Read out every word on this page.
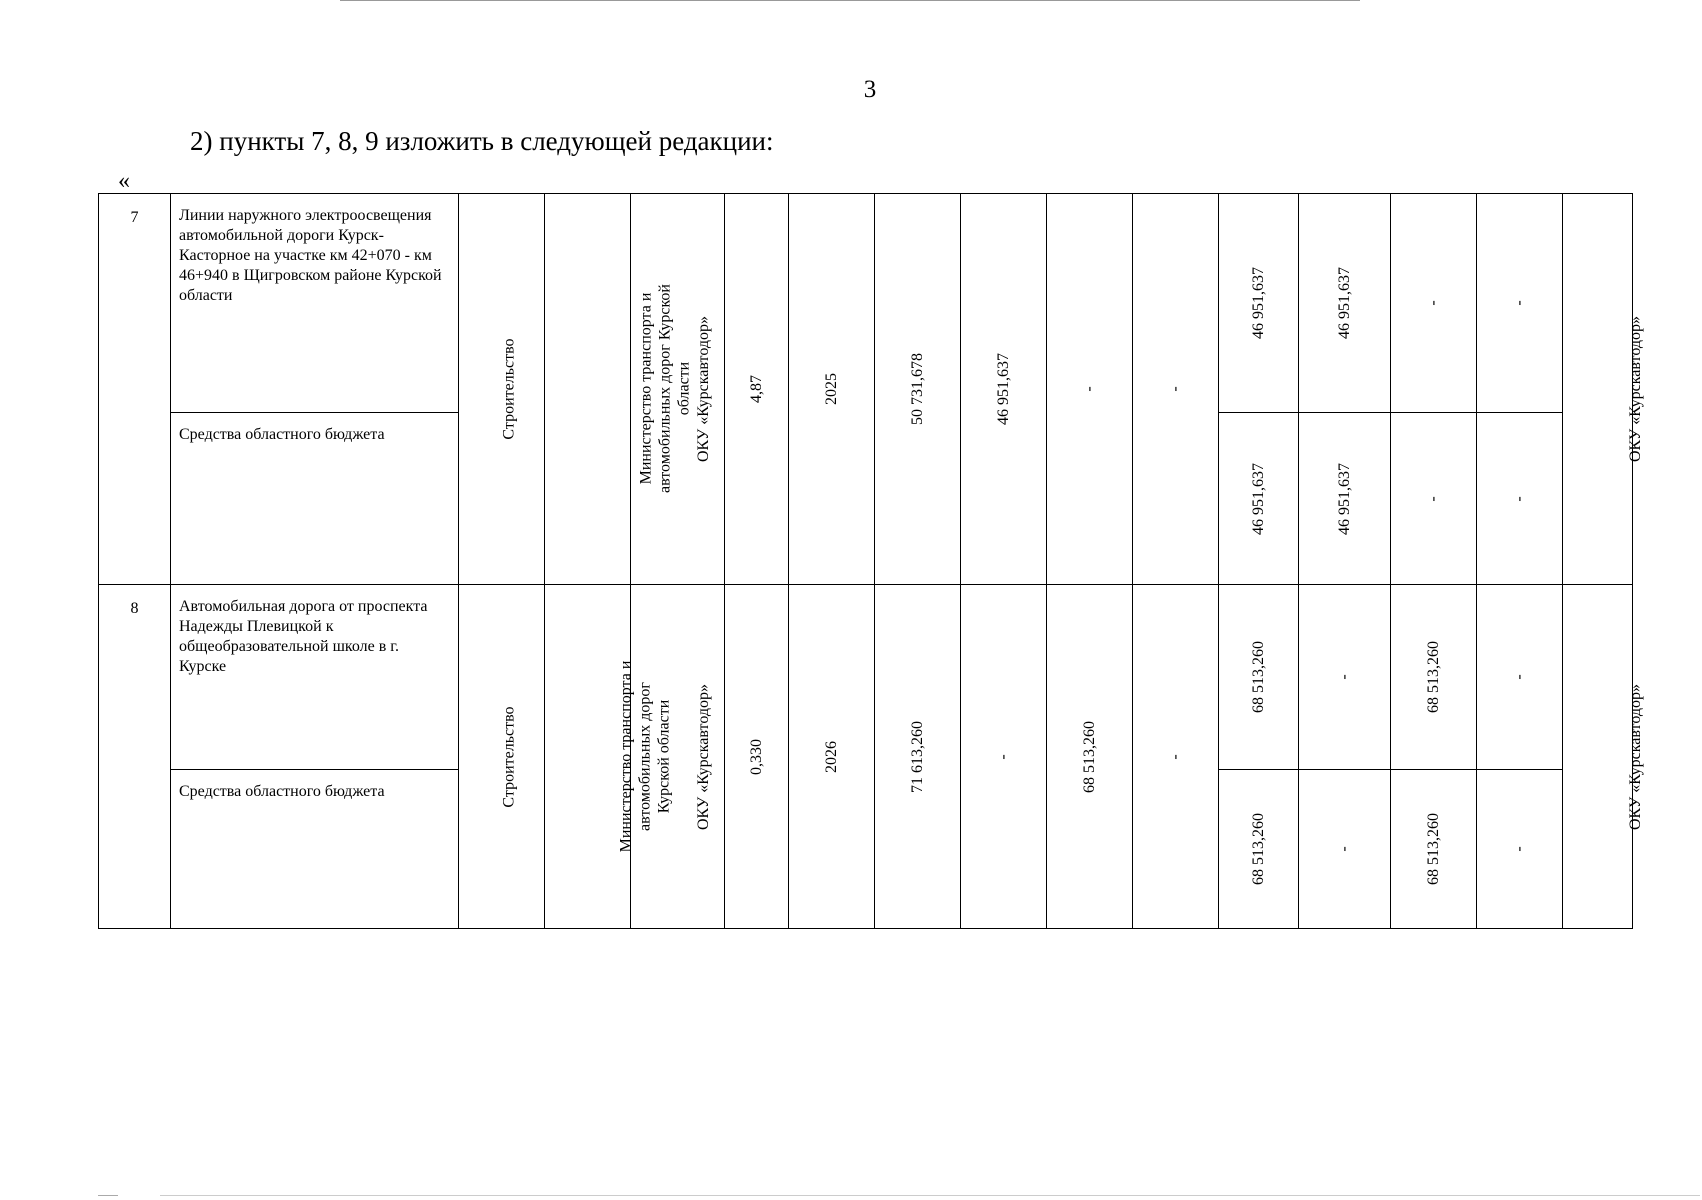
3
2) пункты 7, 8, 9 изложить в следующей редакции:
«
7	Линии наружного электроосвещения автомобильной дороги Курск-Касторное на участке км 42+070 - км 46+940 в Щигровском районе Курской области	Строительство	Министерство транспорта и автомобильных дорог Курской области	ОКУ «Курскавтодор»	4,87	2025	50 731,678	46 951,637	-	-	46 951,637	46 951,637	-	-	ОКУ «Курскавтодор»
	Средства областного бюджета										46 951,637	46 951,637	-	-	
8	Автомобильная дорога от проспекта Надежды Плевицкой к общеобразовательной школе в г. Курске	Строительство	Министерство транспорта и автомобильных дорог Курской области	ОКУ «Курскавтодор»	0,330	2026	71 613,260	-	68 513,260	-	68 513,260	-	68 513,260	-	ОКУ «Курскавтодор»
	Средства областного бюджета										68 513,260	-	68 513,260	-	
